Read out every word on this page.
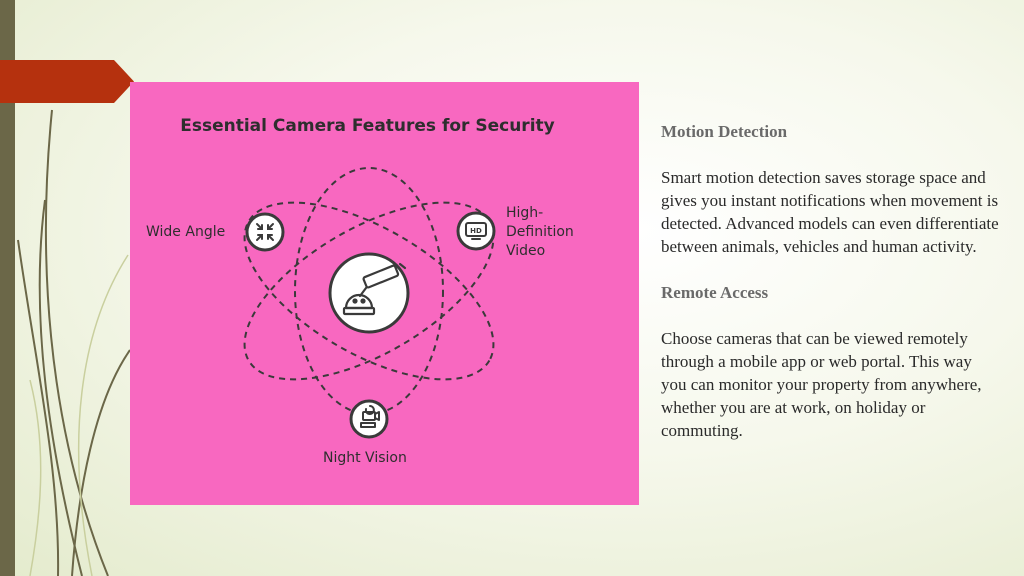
HD
Essential Camera Features for Security
Wide Angle
High-
Definition
Video
Night Vision

Motion Detection

Smart motion detection saves storage space and gives you instant notifications when movement is detected. Advanced models can even differentiate between animals, vehicles and human activity.

Remote Access

Choose cameras that can be viewed remotely through a mobile app or web portal. This way you can monitor your property from anywhere, whether you are at work, on holiday or commuting.
